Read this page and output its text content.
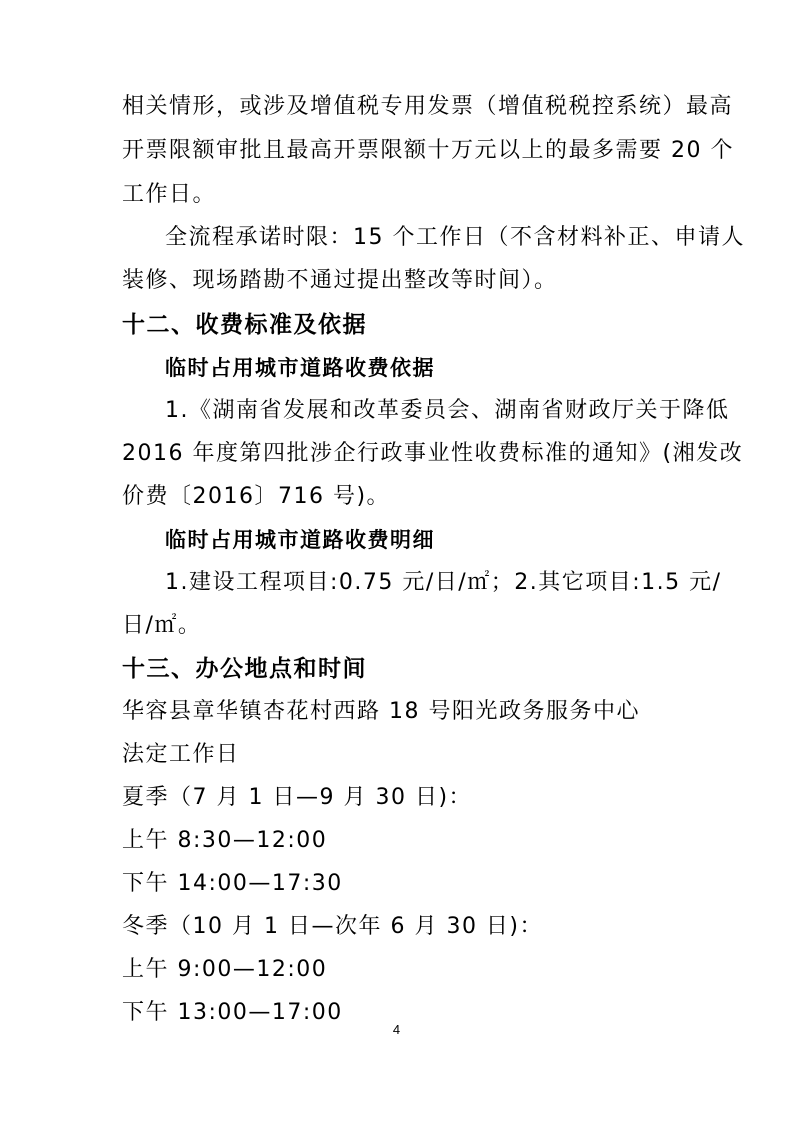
相关情形，或涉及增值税专用发票（增值税税控系统）最高
开票限额审批且最高开票限额十万元以上的最多需要 20 个
工作日。
全流程承诺时限：15 个工作日（不含材料补正、申请人
装修、现场踏勘不通过提出整改等时间）。
十二、收费标准及依据
临时占用城市道路收费依据
1.《湖南省发展和改革委员会、湖南省财政厅关于降低
2016 年度第四批涉企行政事业性收费标准的通知》(湘发改
价费〔2016〕716 号)。
临时占用城市道路收费明细
1.建设工程项目:0.75 元/日/㎡；2.其它项目:1.5 元/
日/㎡。
十三、办公地点和时间
华容县章华镇杏花村西路 18 号阳光政务服务中心
法定工作日
夏季（7 月 1 日—9 月 30 日)：
上午 8:30—12:00
下午 14:00—17:30
冬季（10 月 1 日—次年 6 月 30 日)：
上午 9:00—12:00
下午 13:00—17:00
4
